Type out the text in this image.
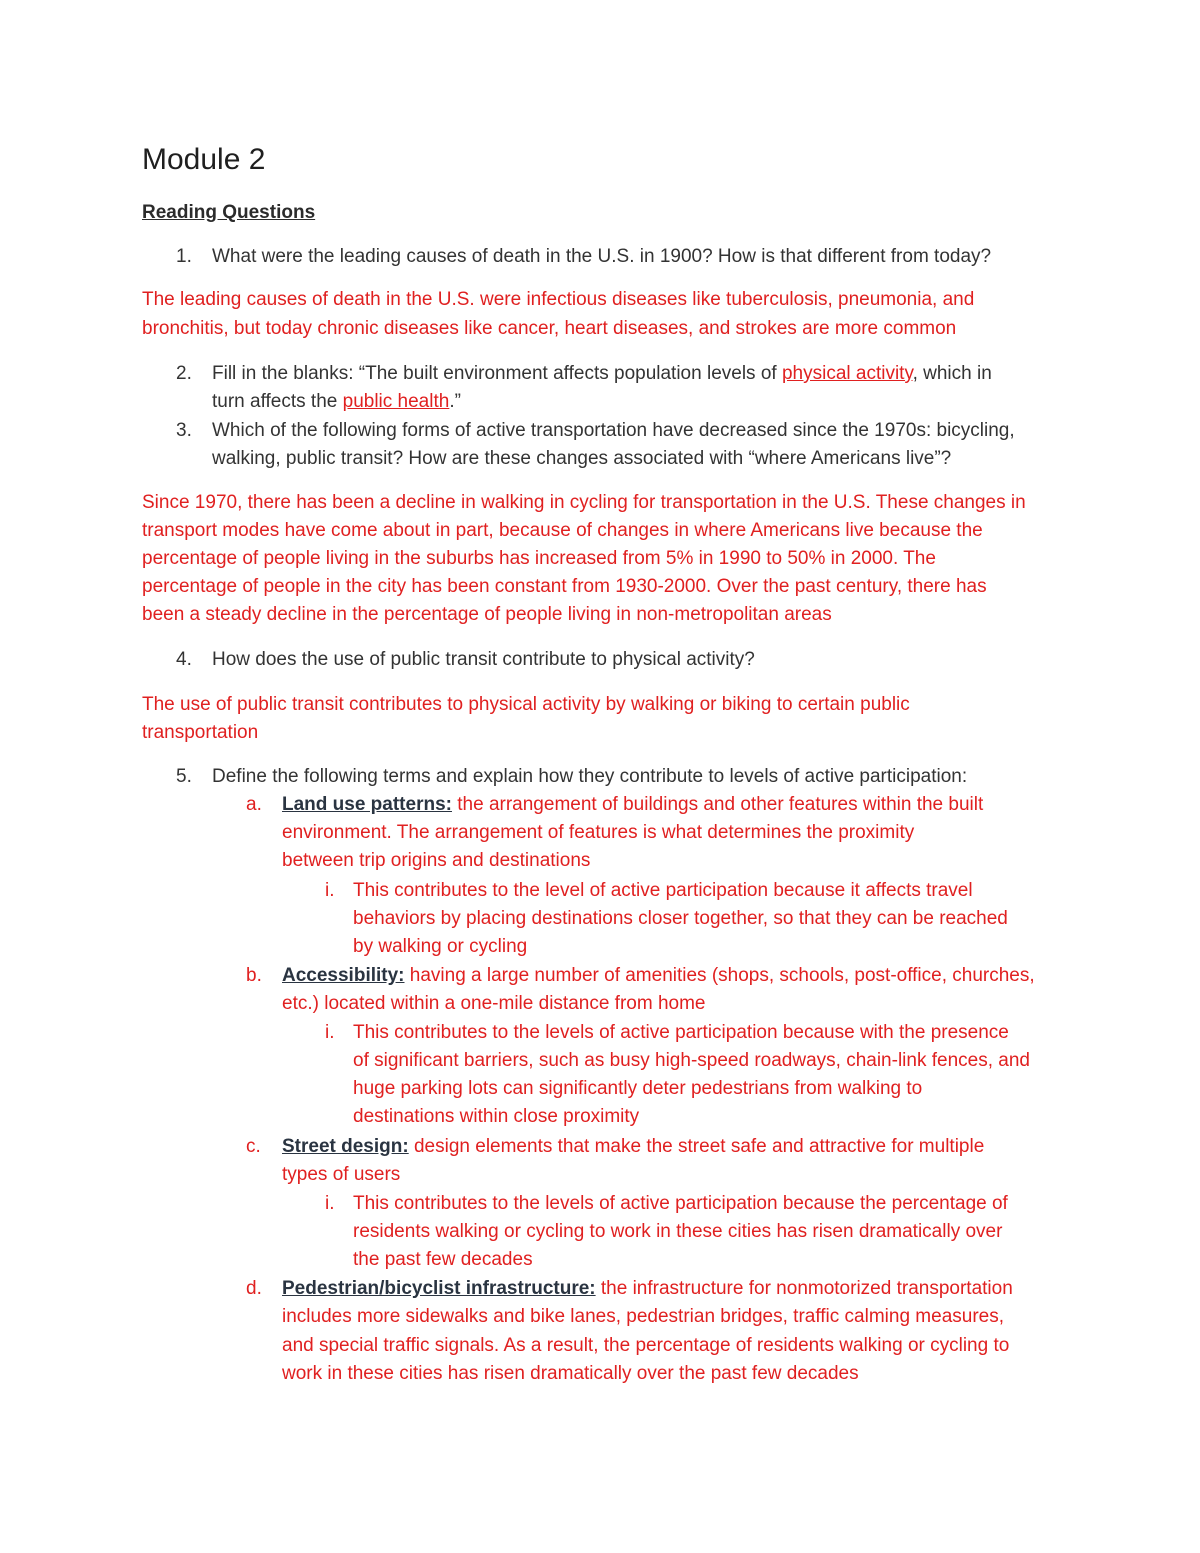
Module 2
Reading Questions
1. What were the leading causes of death in the U.S. in 1900? How is that different from today?
The leading causes of death in the U.S. were infectious diseases like tuberculosis, pneumonia, and
bronchitis, but today chronic diseases like cancer, heart diseases, and strokes are more common
2. Fill in the blanks: “The built environment affects population levels of physical activity, which in
turn affects the public health.”
3. Which of the following forms of active transportation have decreased since the 1970s: bicycling,
walking, public transit? How are these changes associated with “where Americans live”?
Since 1970, there has been a decline in walking in cycling for transportation in the U.S. These changes in
transport modes have come about in part, because of changes in where Americans live because the
percentage of people living in the suburbs has increased from 5% in 1990 to 50% in 2000. The
percentage of people in the city has been constant from 1930-2000. Over the past century, there has
been a steady decline in the percentage of people living in non-metropolitan areas
4. How does the use of public transit contribute to physical activity?
The use of public transit contributes to physical activity by walking or biking to certain public
transportation
5. Define the following terms and explain how they contribute to levels of active participation:
a. Land use patterns: the arrangement of buildings and other features within the built
environment. The arrangement of features is what determines the proximity
between trip origins and destinations
i. This contributes to the level of active participation because it affects travel
behaviors by placing destinations closer together, so that they can be reached
by walking or cycling
b. Accessibility: having a large number of amenities (shops, schools, post-office, churches,
etc.) located within a one-mile distance from home
i. This contributes to the levels of active participation because with the presence
of significant barriers, such as busy high-speed roadways, chain-link fences, and
huge parking lots can significantly deter pedestrians from walking to
destinations within close proximity
c. Street design: design elements that make the street safe and attractive for multiple
types of users
i. This contributes to the levels of active participation because the percentage of
residents walking or cycling to work in these cities has risen dramatically over
the past few decades
d. Pedestrian/bicyclist infrastructure: the infrastructure for nonmotorized transportation
includes more sidewalks and bike lanes, pedestrian bridges, traffic calming measures,
and special traffic signals. As a result, the percentage of residents walking or cycling to
work in these cities has risen dramatically over the past few decades
